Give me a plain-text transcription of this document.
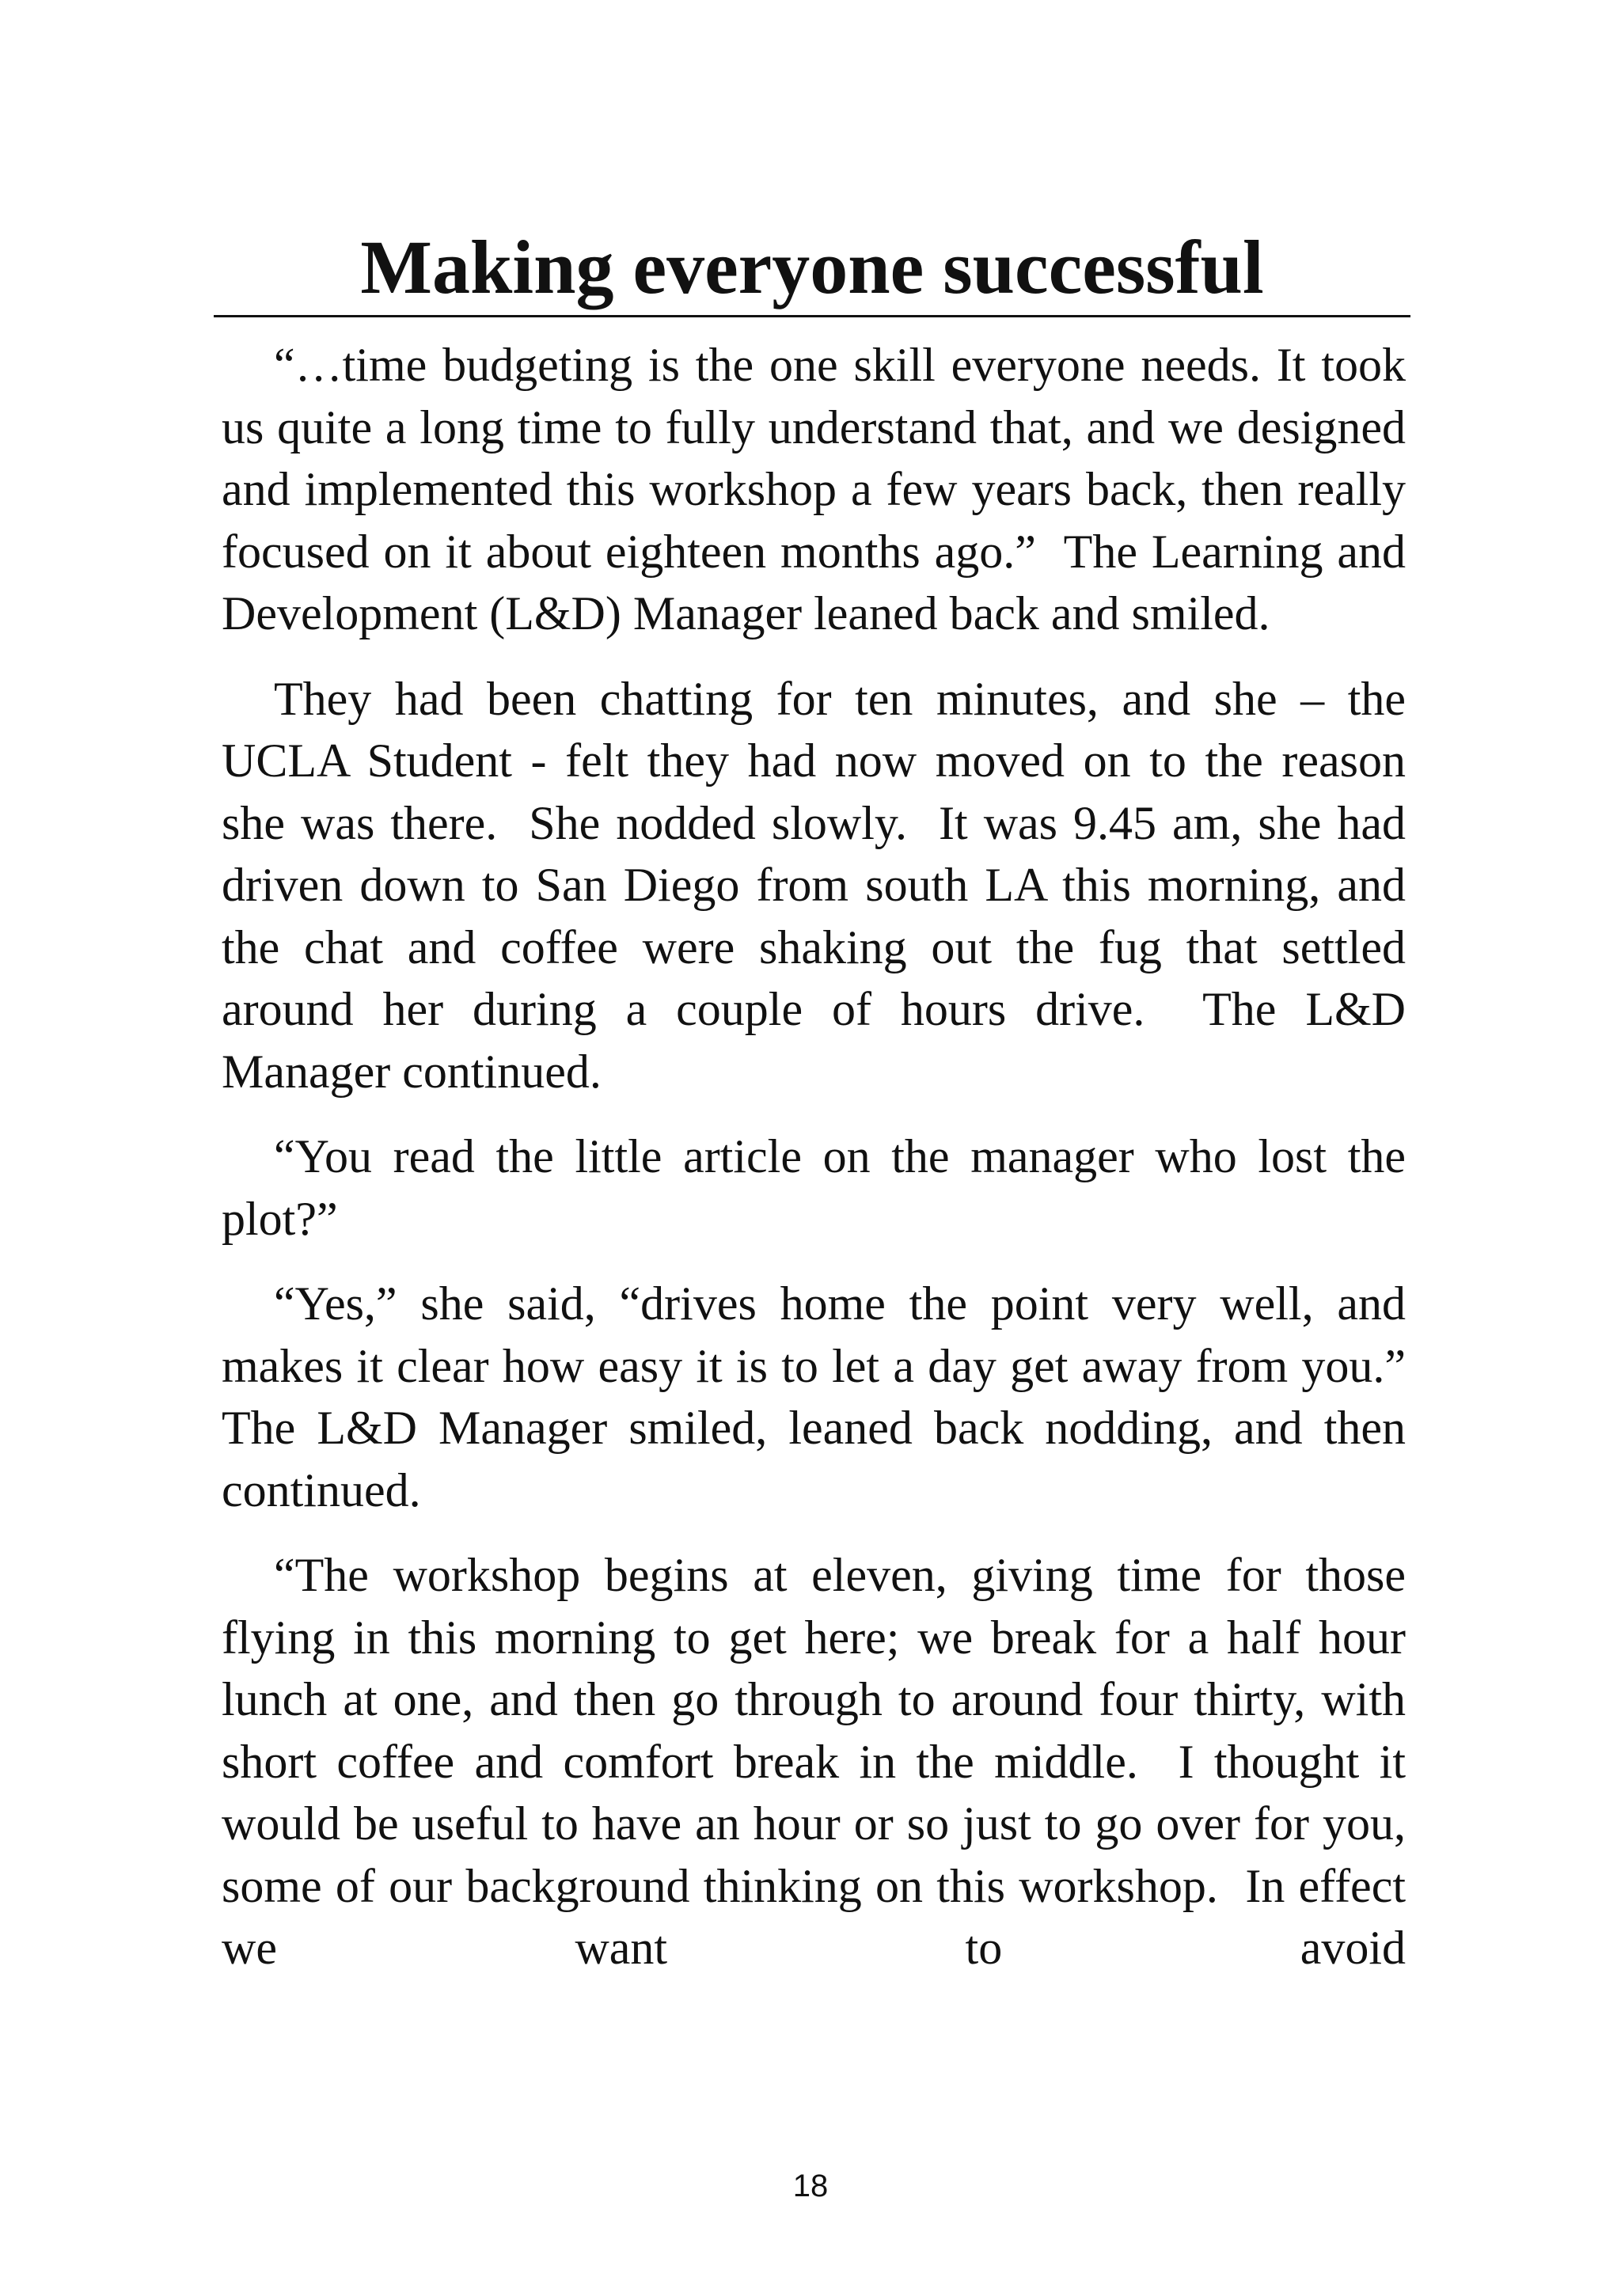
Making everyone successful

“…time budgeting is the one skill everyone needs. It took us quite a long time to fully understand that, and we designed and implemented this workshop a few years back, then really focused on it about eighteen months ago.”  The Learning and Development (L&D) Manager leaned back and smiled.

They had been chatting for ten minutes, and she – the UCLA Student - felt they had now moved on to the reason she was there.  She nodded slowly.  It was 9.45 am, she had driven down to San Diego from south LA this morning, and the chat and coffee were shaking out the fug that settled around her during a couple of hours drive.  The L&D Manager continued.

“You read the little article on the manager who lost the plot?”

“Yes,” she said, “drives home the point very well, and makes it clear how easy it is to let a day get away from you.”  The L&D Manager smiled, leaned back nodding, and then continued.

“The workshop begins at eleven, giving time for those flying in this morning to get here; we break for a half hour lunch at one, and then go through to around four thirty, with short coffee and comfort break in the middle.  I thought it would be useful to have an hour or so just to go over for you, some of our background thinking on this workshop.  In effect we want to avoid

18
